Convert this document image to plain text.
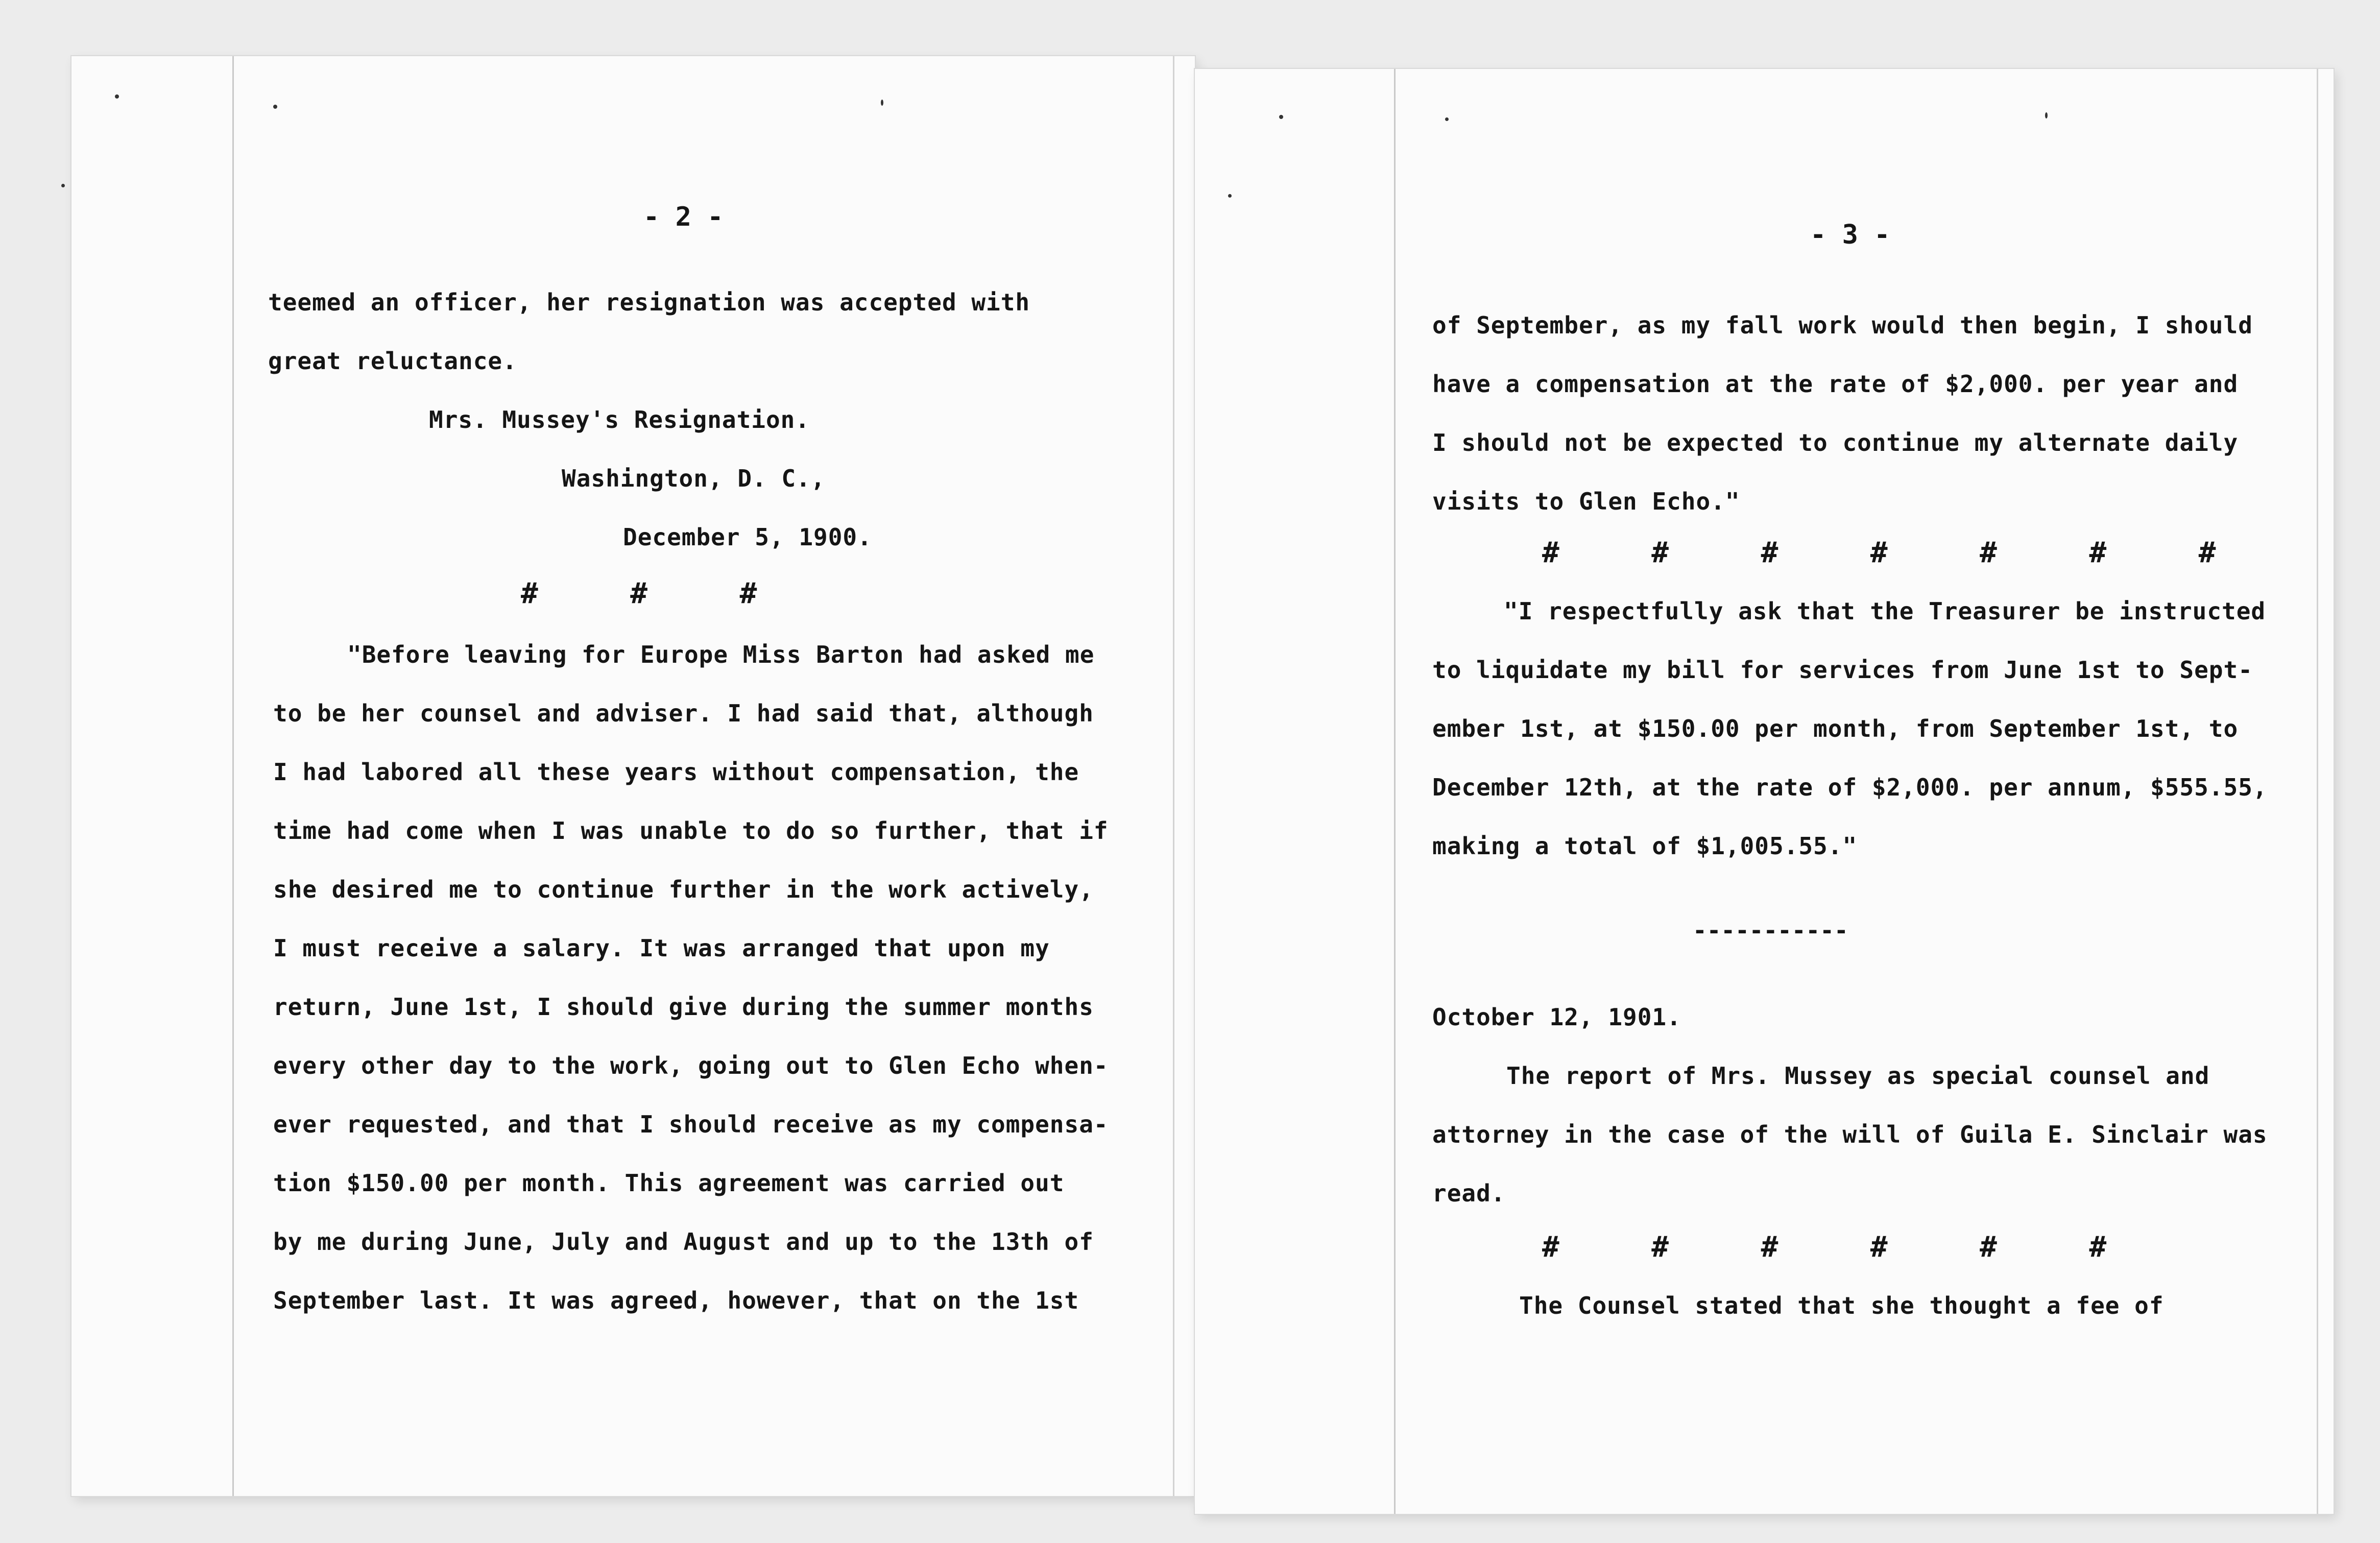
- 2 -
teemed an officer, her resignation was accepted with
great reluctance.
Mrs. Mussey's Resignation.
Washington, D. C.,
December 5, 1900.
#     #     #
"Before leaving for Europe Miss Barton had asked me
to be her counsel and adviser. I had said that, although
I had labored all these years without compensation, the
time had come when I was unable to do so further, that if
she desired me to continue further in the work actively,
I must receive a salary. It was arranged that upon my
return, June 1st, I should give during the summer months
every other day to the work, going out to Glen Echo when-
ever requested, and that I should receive as my compensa-
tion $150.00 per month. This agreement was carried out
by me during June, July and August and up to the 13th of
September last. It was agreed, however, that on the 1st
- 3 -
of September, as my fall work would then begin, I should
have a compensation at the rate of $2,000. per year and
I should not be expected to continue my alternate daily
visits to Glen Echo."
#     #     #     #     #     #     #
"I respectfully ask that the Treasurer be instructed
to liquidate my bill for services from June 1st to Sept-
ember 1st, at $150.00 per month, from September 1st, to
December 12th, at the rate of $2,000. per annum, $555.55,
making a total of $1,005.55."
-----------
October 12, 1901.
The report of Mrs. Mussey as special counsel and
attorney in the case of the will of Guila E. Sinclair was
read.
#     #     #     #     #     #
The Counsel stated that she thought a fee of
